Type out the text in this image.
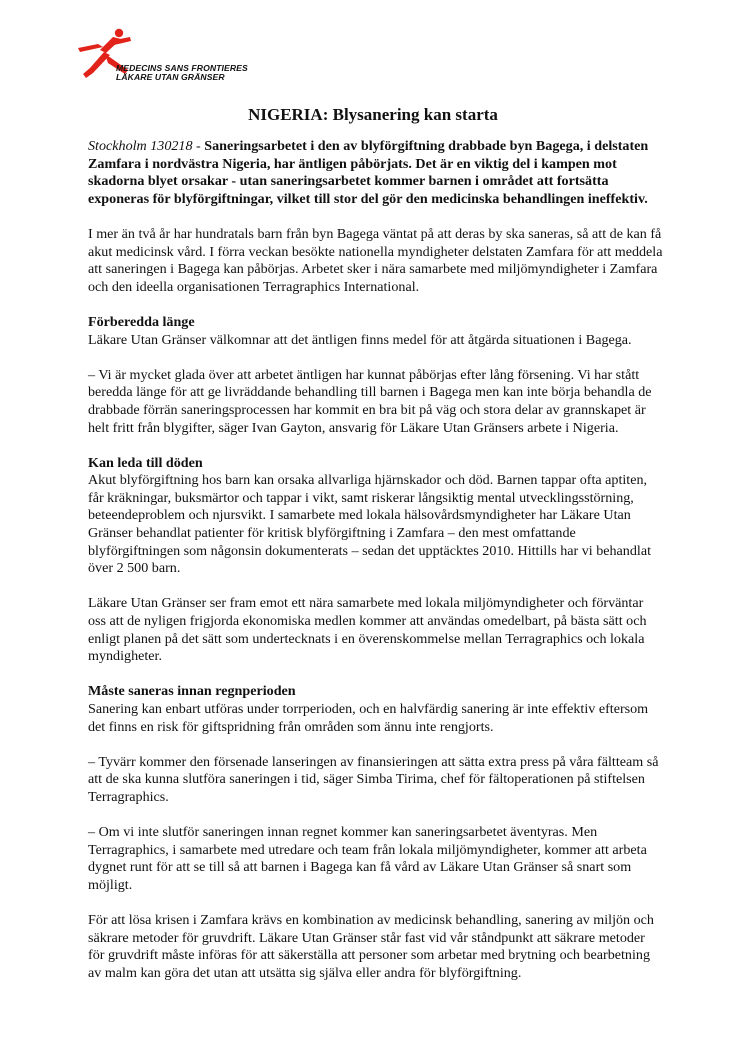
MEDECINS SANS FRONTIERES
LÄKARE UTAN GRÄNSER
NIGERIA: Blysanering kan starta

Stockholm 130218 - Saneringsarbetet i den av blyförgiftning drabbade byn Bagega, i delstaten Zamfara i nordvästra Nigeria, har äntligen påbörjats. Det är en viktig del i kampen mot skadorna blyet orsakar - utan saneringsarbetet kommer barnen i området att fortsätta exponeras för blyförgiftningar, vilket till stor del gör den medicinska behandlingen ineffektiv.

I mer än två år har hundratals barn från byn Bagega väntat på att deras by ska saneras, så att de kan få akut medicinsk vård. I förra veckan besökte nationella myndigheter delstaten Zamfara för att meddela att saneringen i Bagega kan påbörjas. Arbetet sker i nära samarbete med miljömyndigheter i Zamfara och den ideella organisationen Terragraphics International.

Förberedda länge
Läkare Utan Gränser välkomnar att det äntligen finns medel för att åtgärda situationen i Bagega.

– Vi är mycket glada över att arbetet äntligen har kunnat påbörjas efter lång försening. Vi har stått beredda länge för att ge livräddande behandling till barnen i Bagega men kan inte börja behandla de drabbade förrän saneringsprocessen har kommit en bra bit på väg och stora delar av grannskapet är helt fritt från blygifter, säger Ivan Gayton, ansvarig för Läkare Utan Gränsers arbete i Nigeria.

Kan leda till döden
Akut blyförgiftning hos barn kan orsaka allvarliga hjärnskador och död. Barnen tappar ofta aptiten, får kräkningar, buksmärtor och tappar i vikt, samt riskerar långsiktig mental utvecklingsstörning, beteendeproblem och njursvikt. I samarbete med lokala hälsovårdsmyndigheter har Läkare Utan Gränser behandlat patienter för kritisk blyförgiftning i Zamfara – den mest omfattande blyförgiftningen som någonsin dokumenterats – sedan det upptäcktes 2010. Hittills har vi behandlat över 2 500 barn.

Läkare Utan Gränser ser fram emot ett nära samarbete med lokala miljömyndigheter och förväntar oss att de nyligen frigjorda ekonomiska medlen kommer att användas omedelbart, på bästa sätt och enligt planen på det sätt som undertecknats i en överenskommelse mellan Terragraphics och lokala myndigheter.

Måste saneras innan regnperioden
Sanering kan enbart utföras under torrperioden, och en halvfärdig sanering är inte effektiv eftersom det finns en risk för giftspridning från områden som ännu inte rengjorts.

– Tyvärr kommer den försenade lanseringen av finansieringen att sätta extra press på våra fältteam så att de ska kunna slutföra saneringen i tid, säger Simba Tirima, chef för fältoperationen på stiftelsen Terragraphics.

– Om vi inte slutför saneringen innan regnet kommer kan saneringsarbetet äventyras. Men Terragraphics, i samarbete med utredare och team från lokala miljömyndigheter, kommer att arbeta dygnet runt för att se till så att barnen i Bagega kan få vård av Läkare Utan Gränser så snart som möjligt.

För att lösa krisen i Zamfara krävs en kombination av medicinsk behandling, sanering av miljön och säkrare metoder för gruvdrift. Läkare Utan Gränser står fast vid vår ståndpunkt att säkrare metoder för gruvdrift måste införas för att säkerställa att personer som arbetar med brytning och bearbetning av malm kan göra det utan att utsätta sig själva eller andra för blyförgiftning.
